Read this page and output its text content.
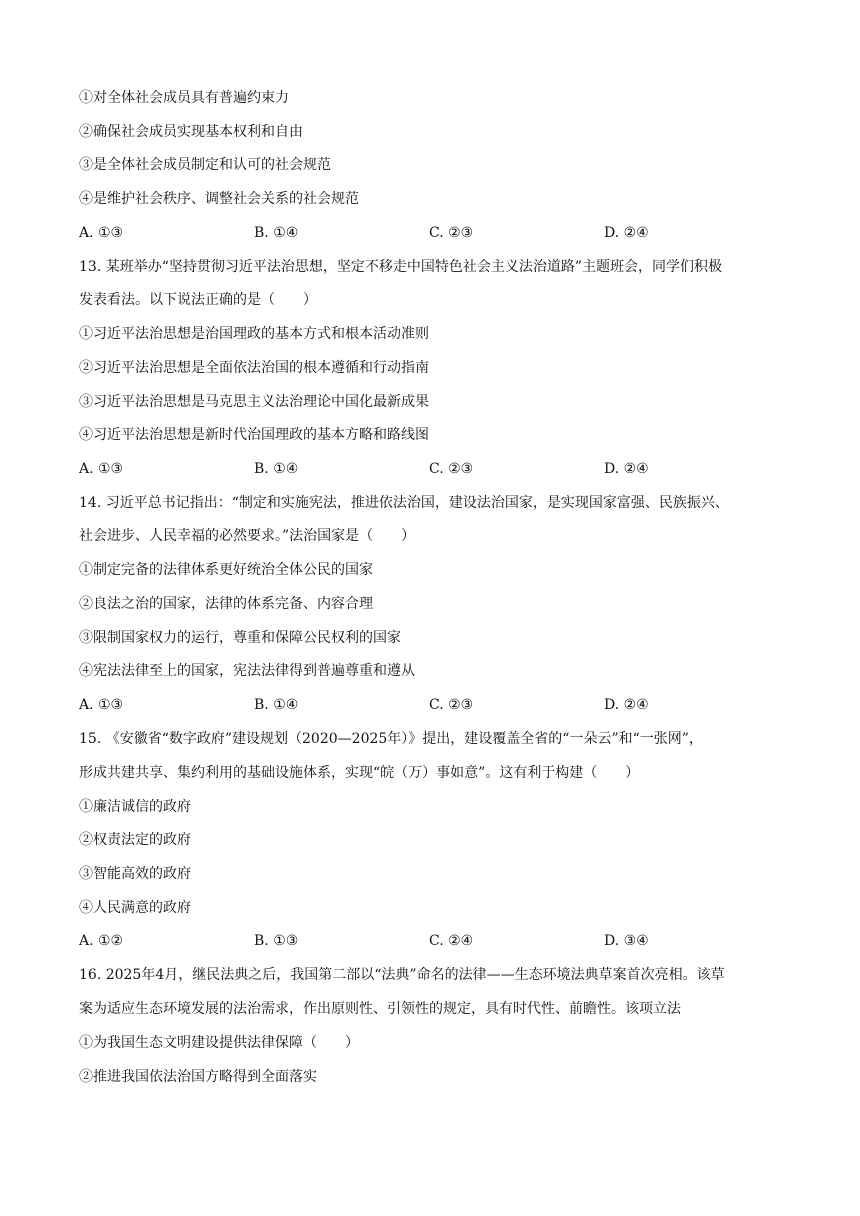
①对全体社会成员具有普遍约束力
②确保社会成员实现基本权利和自由
③是全体社会成员制定和认可的社会规范
④是维护社会秩序、调整社会关系的社会规范
A. ①③	B. ①④	C. ②③	D. ②④
13. 某班举办“坚持贯彻习近平法治思想，坚定不移走中国特色社会主义法治道路”主题班会，同学们积极
发表看法。以下说法正确的是（　　）
①习近平法治思想是治国理政的基本方式和根本活动准则
②习近平法治思想是全面依法治国的根本遵循和行动指南
③习近平法治思想是马克思主义法治理论中国化最新成果
④习近平法治思想是新时代治国理政的基本方略和路线图
A. ①③	B. ①④	C. ②③	D. ②④
14. 习近平总书记指出：“制定和实施宪法，推进依法治国，建设法治国家，是实现国家富强、民族振兴、
社会进步、人民幸福的必然要求。”法治国家是（　　）
①制定完备的法律体系更好统治全体公民的国家
②良法之治的国家，法律的体系完备、内容合理
③限制国家权力的运行，尊重和保障公民权利的国家
④宪法法律至上的国家，宪法法律得到普遍尊重和遵从
A. ①③	B. ①④	C. ②③	D. ②④
15. 《安徽省“数字政府”建设规划（2020—2025年）》提出，建设覆盖全省的“一朵云”和“一张网”，
形成共建共享、集约利用的基础设施体系，实现“皖（万）事如意”。这有利于构建（　　）
①廉洁诚信的政府
②权责法定的政府
③智能高效的政府
④人民满意的政府
A. ①②	B. ①③	C. ②④	D. ③④
16. 2025年4月，继民法典之后，我国第二部以“法典”命名的法律——生态环境法典草案首次亮相。该草
案为适应生态环境发展的法治需求，作出原则性、引领性的规定，具有时代性、前瞻性。该项立法
①为我国生态文明建设提供法律保障（　　）
②推进我国依法治国方略得到全面落实
